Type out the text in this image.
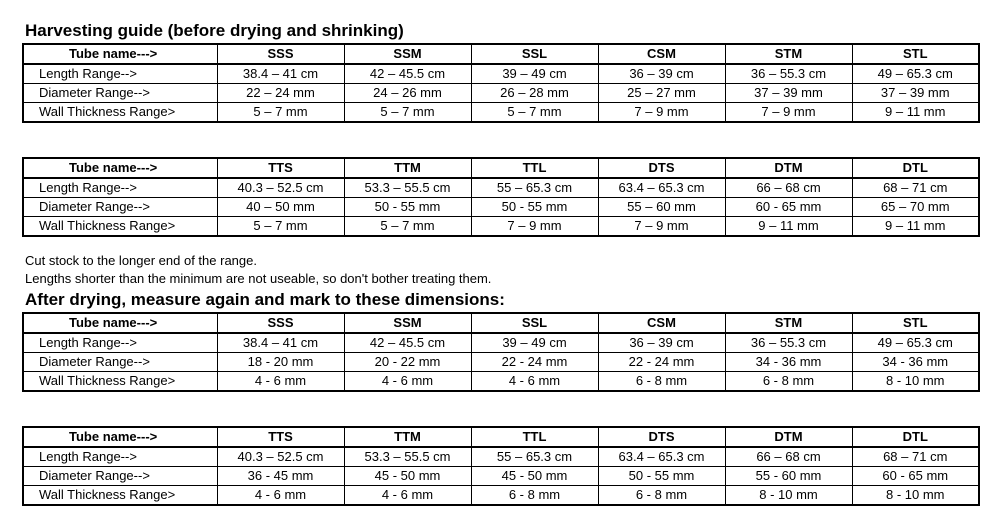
Harvesting guide (before drying and shrinking)
Tube name--->	SSS	SSM	SSL	CSM	STM	STL
Length Range-->	38.4 – 41 cm	42 – 45.5 cm	39 – 49 cm	36 – 39 cm	36 – 55.3 cm	49 – 65.3 cm
Diameter Range-->	22 – 24 mm	24 – 26 mm	26 – 28 mm	25 – 27 mm	37 – 39 mm	37 – 39 mm
Wall Thickness Range>	5 – 7 mm	5 – 7 mm	5 – 7 mm	7 – 9 mm	7 – 9 mm	9 – 11 mm
Tube name--->	TTS	TTM	TTL	DTS	DTM	DTL
Length Range-->	40.3 – 52.5 cm	53.3 – 55.5 cm	55 – 65.3 cm	63.4 – 65.3 cm	66 – 68 cm	68 – 71 cm
Diameter Range-->	40 – 50 mm	50 - 55 mm	50 - 55 mm	55 – 60 mm	60 - 65 mm	65 – 70 mm
Wall Thickness Range>	5 – 7 mm	5 – 7 mm	7 – 9 mm	7 – 9 mm	9 – 11 mm	9 – 11 mm

Cut stock to the longer end of the range.

Lengths shorter than the minimum are not useable, so don't bother treating them.

After drying, measure again and mark to these dimensions:
Tube name--->	SSS	SSM	SSL	CSM	STM	STL
Length Range-->	38.4 – 41 cm	42 – 45.5 cm	39 – 49 cm	36 – 39 cm	36 – 55.3 cm	49 – 65.3 cm
Diameter Range-->	18 - 20 mm	20 - 22 mm	22 - 24 mm	22 - 24 mm	34 - 36 mm	34 - 36 mm
Wall Thickness Range>	4 - 6 mm	4 - 6 mm	4 - 6 mm	6 - 8 mm	6 - 8 mm	8 - 10 mm
Tube name--->	TTS	TTM	TTL	DTS	DTM	DTL
Length Range-->	40.3 – 52.5 cm	53.3 – 55.5 cm	55 – 65.3 cm	63.4 – 65.3 cm	66 – 68 cm	68 – 71 cm
Diameter Range-->	36 - 45 mm	45 - 50 mm	45 - 50 mm	50 - 55 mm	55 - 60 mm	60 - 65 mm
Wall Thickness Range>	4 - 6 mm	4 - 6 mm	6 - 8 mm	6 - 8 mm	8 - 10 mm	8 - 10 mm
